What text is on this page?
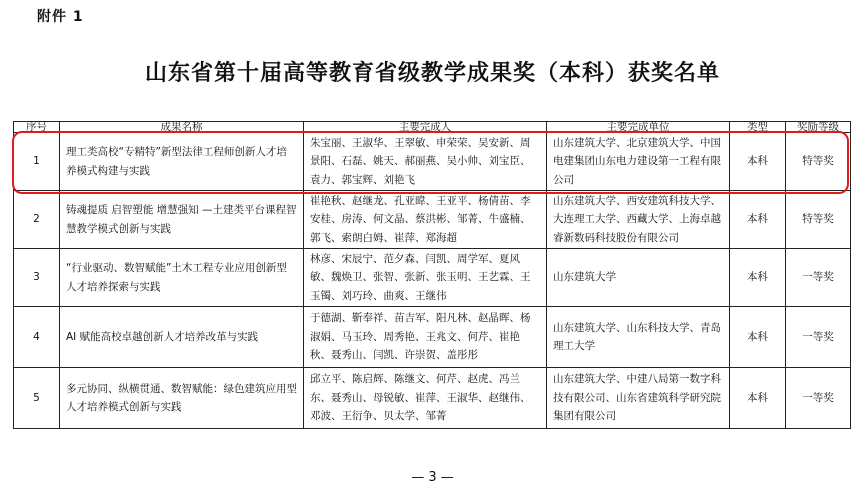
附件 1
山东省第十届高等教育省级教学成果奖（本科）获奖名单
序号	成果名称	主要完成人	主要完成单位	类型	奖励等级
1	理工类高校“专精特”新型法律工程师创新人才培养模式构建与实践	朱宝丽、王淑华、王翠敏、申荣荣、吴安新、周景阳、石磊、姚天、郝丽燕、吴小帅、刘宝臣、袁力、郭宝辉、刘艳飞	山东建筑大学、北京建筑大学、中国电建集团山东电力建设第一工程有限公司	本科	特等奖
2	铸魂提质 启智塑能 增慧强知 —土建类平台课程智慧教学模式创新与实践	崔艳秋、赵继龙、孔亚暐、王亚平、杨倩苗、李安桂、房涛、何文晶、蔡洪彬、邹菁、牛盛楠、郭飞、索朗白姆、崔萍、郑海超	山东建筑大学、西安建筑科技大学、大连理工大学、西藏大学、上海卓越睿新数码科技股份有限公司	本科	特等奖
3	“行业驱动、数智赋能”土木工程专业应用创新型人才培养探索与实践	林彦、宋辰宁、范夕森、闫凯、周学军、夏风敏、魏焕卫、张智、张新、张玉明、王艺霖、王玉镯、刘巧玲、曲爽、王继伟	山东建筑大学	本科	一等奖
4	AI 赋能高校卓越创新人才培养改革与实践	于德湖、靳奉祥、苗吉军、阳凡林、赵晶晖、杨淑娟、马玉玲、周秀艳、王兆文、何芹、崔艳秋、聂秀山、闫凯、许崇贺、盖彤彤	山东建筑大学、山东科技大学、青岛理工大学	本科	一等奖
5	多元协同、纵横贯通、数智赋能：绿色建筑应用型人才培养模式创新与实践	邱立平、陈启辉、陈继文、何芹、赵虎、冯兰东、聂秀山、母锐敏、崔萍、王淑华、赵继伟、邓波、王衍争、贝太学、邹菁	山东建筑大学、中建八局第一数字科技有限公司、山东省建筑科学研究院集团有限公司	本科	一等奖
— 3 —
